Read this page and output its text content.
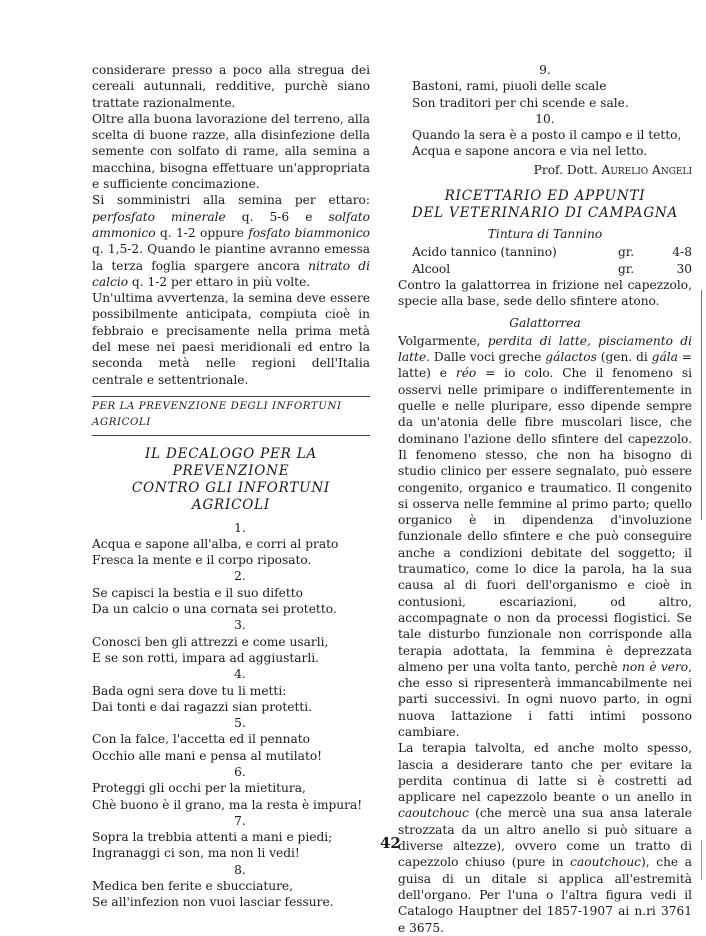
considerare presso a poco alla stregua dei cereali autunnali, redditive, purchè siano trattate razionalmente.

Oltre alla buona lavorazione del terreno, alla scelta di buone razze, alla disinfezione della semente con solfato di rame, alla semina a macchina, bisogna effettuare un'appropriata e sufficiente concimazione.

Si somministri alla semina per ettaro: perfosfato minerale q. 5-6 e solfato ammonico q. 1-2 oppure fosfato biammonico q. 1,5-2. Quando le piantine avranno emessa la terza foglia spargere ancora nitrato di calcio q. 1-2 per ettaro in più volte.

Un'ultima avvertenza, la semina deve essere possibilmente anticipata, compiuta cioè in febbraio e precisamente nella prima metà del mese nei paesi meridionali ed entro la seconda metà nelle regioni dell'Italia centrale e settentrionale.

PER LA PREVENZIONE DEGLI INFORTUNI AGRICOLI
IL DECALOGO PER LA PREVENZIONE
CONTRO GLI INFORTUNI AGRICOLI
1.
Acqua e sapone all'alba, e corri al prato
Fresca la mente e il corpo riposato.
2.
Se capisci la bestia e il suo difetto
Da un calcio o una cornata sei protetto.
3.
Conosci ben gli attrezzi e come usarli,
E se son rotti, impara ad aggiustarli.
4.
Bada ogni sera dove tu li metti:
Dai tonti e dai ragazzi sian protetti.
5.
Con la falce, l'accetta ed il pennato
Occhio alle mani e pensa al mutilato!
6.
Proteggi gli occhi per la mietitura,
Chè buono è il grano, ma la resta è impura!
7.
Sopra la trebbia attenti a mani e piedi;
Ingranaggi ci son, ma non li vedi!
8.
Medica ben ferite e sbucciature,
Se all'infezion non vuoi lasciar fessure.
9.
Bastoni, rami, piuoli delle scale
Son traditori per chi scende e sale.
10.
Quando la sera è a posto il campo e il tetto,
Acqua e sapone ancora e via nel letto.
Prof. Dott. Aurelio Angeli
RICETTARIO ED APPUNTI
DEL VETERINARIO DI CAMPAGNA
Tintura di Tannino
Acido tannico (tannino)	gr.	4-8
Alcool	gr.	30

Contro la galattorrea in frizione nel capezzolo, specie alla base, sede dello sfintere atono.

Galattorrea

Volgarmente, perdita di latte, pisciamento di latte. Dalle voci greche gálactos (gen. di gála = latte) e réo = io colo. Che il fenomeno si osservi nelle primipare o indifferentemente in quelle e nelle pluripare, esso dipende sempre da un'atonia delle fibre muscolari lisce, che dominano l'azione dello sfintere del capezzolo. Il fenomeno stesso, che non ha bisogno di studio clinico per essere segnalato, può essere congenito, organico e traumatico. Il congenito si osserva nelle femmine al primo parto; quello organico è in dipendenza d'involuzione funzionale dello sfintere e che può conseguire anche a condizioni debitate del soggetto; il traumatico, come lo dice la parola, ha la sua causa al di fuori dell'organismo e cioè in contusioni, escariazioni, od altro, accompagnate o non da processi flogistici. Se tale disturbo funzionale non corrisponde alla terapia adottata, la femmina è deprezzata almeno per una volta tanto, perchè non è vero, che esso si ripresenterà immancabilmente nei parti successivi. In ogni nuovo parto, in ogni nuova lattazione i fatti intimi possono cambiare.

La terapia talvolta, ed anche molto spesso, lascia a desiderare tanto che per evitare la perdita continua di latte si è costretti ad applicare nel capezzolo beante o un anello in caoutchouc (che mercè una sua ansa laterale strozzata da un altro anello si può situare a diverse altezze), ovvero come un tratto di capezzolo chiuso (pure in caoutchouc), che a guisa di un ditale si applica all'estremità dell'organo. Per l'una o l'altra figura vedi il Catalogo Hauptner del 1857-1907 ai n.ri 3761 e 3675.

42
